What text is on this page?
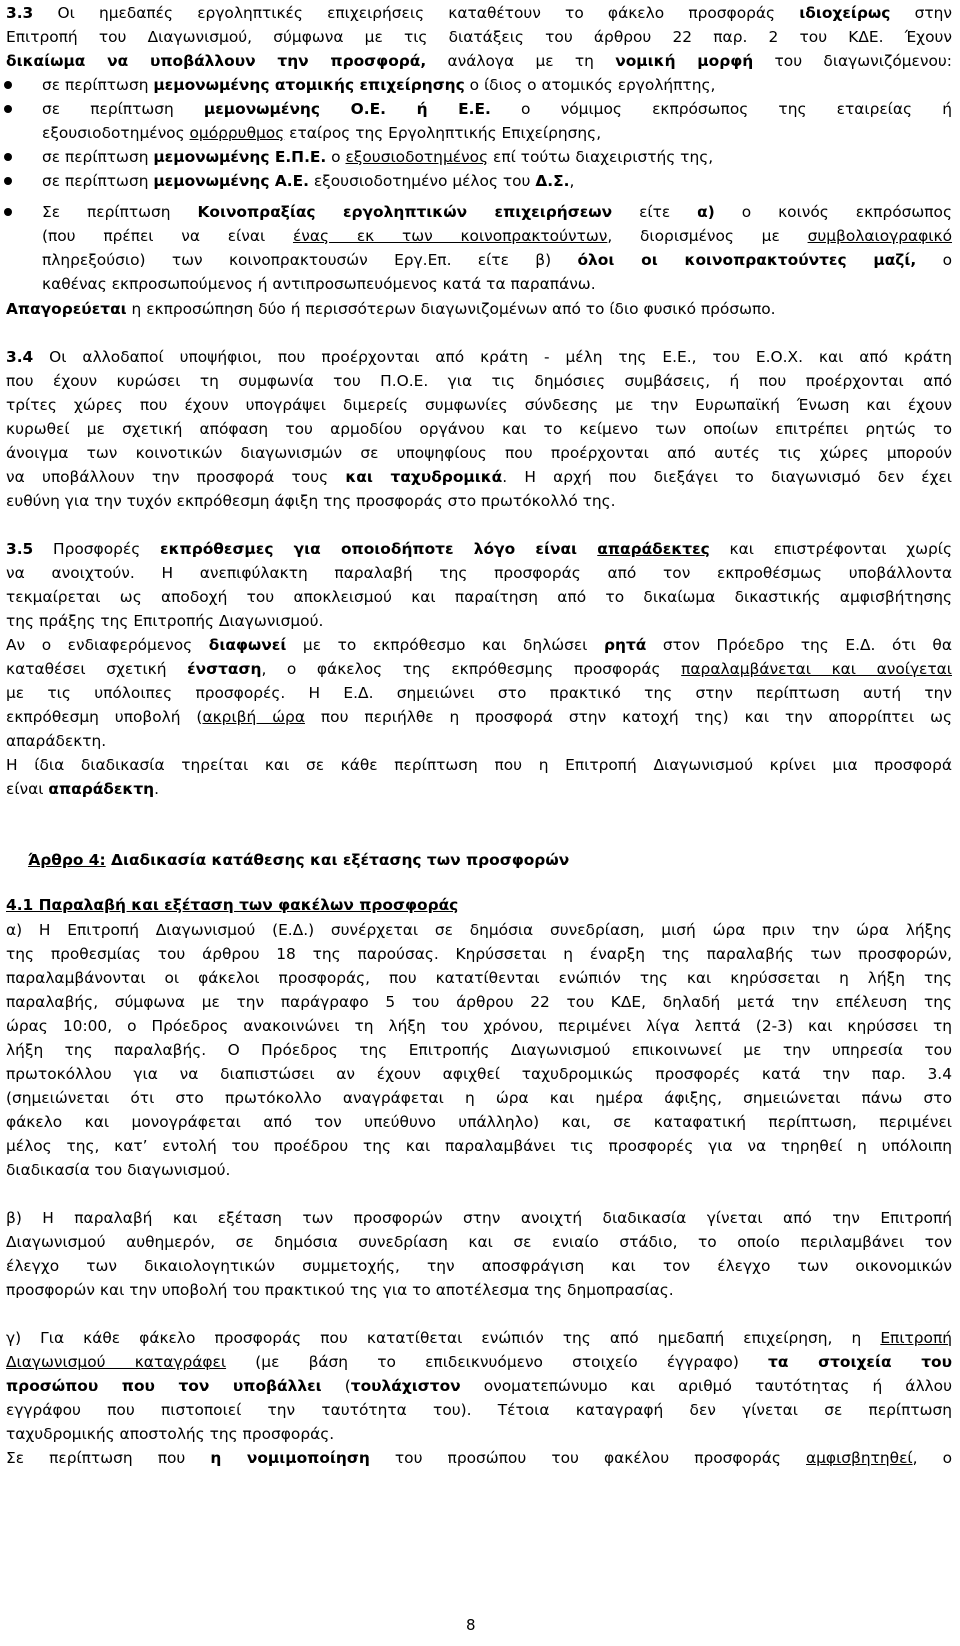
3.3 Οι ημεδαπές εργοληπτικές επιχειρήσεις καταθέτουν το φάκελο προσφοράς ιδιοχείρως στην
Επιτροπή του Διαγωνισμού, σύμφωνα με τις διατάξεις του άρθρου 22 παρ. 2 του ΚΔΕ. Έχουν
δικαίωμα να υποβάλλουν την προσφορά, ανάλογα με τη νομική μορφή του διαγωνιζόμενου:
σε περίπτωση μεμονωμένης ατομικής επιχείρησης ο ίδιος ο ατομικός εργολήπτης,
σε περίπτωση μεμονωμένης Ο.Ε. ή Ε.Ε. ο νόμιμος εκπρόσωπος της εταιρείας ή
εξουσιοδοτημένος ομόρρυθμος εταίρος της Εργοληπτικής Επιχείρησης,
σε περίπτωση μεμονωμένης Ε.Π.Ε. ο εξουσιοδοτημένος επί τούτω διαχειριστής της,
σε περίπτωση μεμονωμένης Α.Ε. εξουσιοδοτημένο μέλος του Δ.Σ.,
Σε περίπτωση Κοινοπραξίας εργοληπτικών επιχειρήσεων είτε α) ο κοινός εκπρόσωπος
(που πρέπει να είναι ένας εκ των κοινοπρακτούντων, διορισμένος με συμβολαιογραφικό
πληρεξούσιο) των κοινοπρακτουσών Εργ.Επ. είτε β) όλοι οι κοινοπρακτούντες μαζί, ο
καθένας εκπροσωπούμενος ή αντιπροσωπευόμενος κατά τα παραπάνω.
Απαγορεύεται η εκπροσώπηση δύο ή περισσότερων διαγωνιζομένων από το ίδιο φυσικό πρόσωπο.
3.4 Οι αλλοδαποί υποψήφιοι, που προέρχονται από κράτη - μέλη της Ε.Ε., του Ε.Ο.Χ. και από κράτη
που έχουν κυρώσει τη συμφωνία του Π.Ο.Ε. για τις δημόσιες συμβάσεις, ή που προέρχονται από
τρίτες χώρες που έχουν υπογράψει διμερείς συμφωνίες σύνδεσης με την Ευρωπαϊκή Ένωση και έχουν
κυρωθεί με σχετική απόφαση του αρμοδίου οργάνου και το κείμενο των οποίων επιτρέπει ρητώς το
άνοιγμα των κοινοτικών διαγωνισμών σε υποψηφίους που προέρχονται από αυτές τις χώρες μπορούν
να υποβάλλουν την προσφορά τους και ταχυδρομικά. Η αρχή που διεξάγει το διαγωνισμό δεν έχει
ευθύνη για την τυχόν εκπρόθεσμη άφιξη της προσφοράς στο πρωτόκολλό της.
3.5 Προσφορές εκπρόθεσμες για οποιοδήποτε λόγο είναι απαράδεκτες και επιστρέφονται χωρίς
να ανοιχτούν. Η ανεπιφύλακτη παραλαβή της προσφοράς από τον εκπροθέσμως υποβάλλοντα
τεκμαίρεται ως αποδοχή του αποκλεισμού και παραίτηση από το δικαίωμα δικαστικής αμφισβήτησης
της πράξης της Επιτροπής Διαγωνισμού.
Αν ο ενδιαφερόμενος διαφωνεί με το εκπρόθεσμο και δηλώσει ρητά στον Πρόεδρο της Ε.Δ. ότι θα
καταθέσει σχετική ένσταση, ο φάκελος της εκπρόθεσμης προσφοράς παραλαμβάνεται και ανοίγεται
με τις υπόλοιπες προσφορές. Η Ε.Δ. σημειώνει στο πρακτικό της στην περίπτωση αυτή την
εκπρόθεσμη υποβολή (ακριβή ώρα που περιήλθε η προσφορά στην κατοχή της) και την απορρίπτει ως
απαράδεκτη.
Η ίδια διαδικασία τηρείται και σε κάθε περίπτωση που η Επιτροπή Διαγωνισμού κρίνει μια προσφορά
είναι απαράδεκτη.
Άρθρο 4: Διαδικασία κατάθεσης και εξέτασης των προσφορών
4.1 Παραλαβή και εξέταση των φακέλων προσφοράς
α) Η Επιτροπή Διαγωνισμού (Ε.Δ.) συνέρχεται σε δημόσια συνεδρίαση, μισή ώρα πριν την ώρα λήξης
της προθεσμίας του άρθρου 18 της παρούσας. Κηρύσσεται η έναρξη της παραλαβής των προσφορών,
παραλαμβάνονται οι φάκελοι προσφοράς, που κατατίθενται ενώπιόν της και κηρύσσεται η λήξη της
παραλαβής, σύμφωνα με την παράγραφο 5 του άρθρου 22 του ΚΔΕ, δηλαδή μετά την επέλευση της
ώρας 10:00, ο Πρόεδρος ανακοινώνει τη λήξη του χρόνου, περιμένει λίγα λεπτά (2-3) και κηρύσσει τη
λήξη της παραλαβής. Ο Πρόεδρος της Επιτροπής Διαγωνισμού επικοινωνεί με την υπηρεσία του
πρωτοκόλλου για να διαπιστώσει αν έχουν αφιχθεί ταχυδρομικώς προσφορές κατά την παρ. 3.4
(σημειώνεται ότι στο πρωτόκολλο αναγράφεται η ώρα και ημέρα άφιξης, σημειώνεται πάνω στο
φάκελο και μονογράφεται από τον υπεύθυνο υπάλληλο) και, σε καταφατική περίπτωση, περιμένει
μέλος της, κατ’ εντολή του προέδρου της και παραλαμβάνει τις προσφορές για να τηρηθεί η υπόλοιπη
διαδικασία του διαγωνισμού.
β) Η παραλαβή και εξέταση των προσφορών στην ανοιχτή διαδικασία γίνεται από την Επιτροπή
Διαγωνισμού αυθημερόν, σε δημόσια συνεδρίαση και σε ενιαίο στάδιο, το οποίο περιλαμβάνει τον
έλεγχο των δικαιολογητικών συμμετοχής, την αποσφράγιση και τον έλεγχο των οικονομικών
προσφορών και την υποβολή του πρακτικού της για το αποτέλεσμα της δημοπρασίας.
γ) Για κάθε φάκελο προσφοράς που κατατίθεται ενώπιόν της από ημεδαπή επιχείρηση, η Επιτροπή
Διαγωνισμού καταγράφει (με βάση το επιδεικνυόμενο στοιχείο έγγραφο) τα στοιχεία του
προσώπου που τον υποβάλλει (τουλάχιστον ονοματεπώνυμο και αριθμό ταυτότητας ή άλλου
εγγράφου που πιστοποιεί την ταυτότητα του). Τέτοια καταγραφή δεν γίνεται σε περίπτωση
ταχυδρομικής αποστολής της προσφοράς.
Σε περίπτωση που η νομιμοποίηση του προσώπου του φακέλου προσφοράς αμφισβητηθεί, ο
8
